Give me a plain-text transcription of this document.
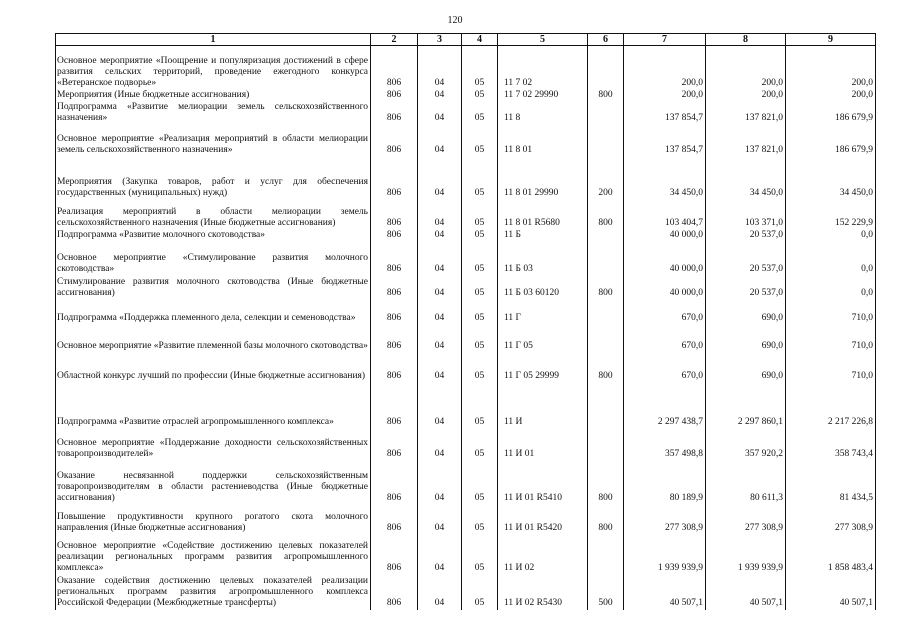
120
1	2	3	4	5	6	7	8	9
Основное мероприятие «Поощрение и популяризация достижений в сфере развития сельских территорий, проведение ежегодного конкурса «Ветеранское подворье»	806	04	05	11 7 02		200,0	200,0	200,0
Мероприятия (Иные бюджетные ассигнования)	806	04	05	11 7 02 29990	800	200,0	200,0	200,0
Подпрограмма «Развитие мелиорации земель сельскохозяйственного назначения»	806	04	05	11 8		137 854,7	137 821,0	186 679,9
Основное мероприятие «Реализация мероприятий в области мелиорации земель сельскохозяйственного назначения»	806	04	05	11 8 01		137 854,7	137 821,0	186 679,9
Мероприятия (Закупка товаров, работ и услуг для обеспечения государственных (муниципальных) нужд)	806	04	05	11 8 01 29990	200	34 450,0	34 450,0	34 450,0
Реализация мероприятий в области мелиорации земель сельскохозяйственного назначения (Иные бюджетные ассигнования)	806	04	05	11 8 01 R5680	800	103 404,7	103 371,0	152 229,9
Подпрограмма «Развитие молочного скотоводства»	806	04	05	11 Б		40 000,0	20 537,0	0,0
Основное мероприятие «Стимулирование развития молочного скотоводства»	806	04	05	11 Б 03		40 000,0	20 537,0	0,0
Стимулирование развития молочного скотоводства (Иные бюджетные ассигнования)	806	04	05	11 Б 03 60120	800	40 000,0	20 537,0	0,0
Подпрограмма «Поддержка племенного дела, селекции и семеноводства»	806	04	05	11 Г		670,0	690,0	710,0
Основное мероприятие «Развитие племенной базы молочного скотоводства»	806	04	05	11 Г 05		670,0	690,0	710,0
Областной конкурс лучший по профессии (Иные бюджетные ассигнования)	806	04	05	11 Г 05 29999	800	670,0	690,0	710,0
Подпрограмма «Развитие отраслей агропромышленного комплекса»	806	04	05	11 И		2 297 438,7	2 297 860,1	2 217 226,8
Основное мероприятие «Поддержание доходности сельскохозяйственных товаропроизводителей»	806	04	05	11 И 01		357 498,8	357 920,2	358 743,4
Оказание несвязанной поддержки сельскохозяйственным товаропроизводителям в области растениеводства (Иные бюджетные ассигнования)	806	04	05	11 И 01 R5410	800	80 189,9	80 611,3	81 434,5
Повышение продуктивности крупного рогатого скота молочного направления (Иные бюджетные ассигнования)	806	04	05	11 И 01 R5420	800	277 308,9	277 308,9	277 308,9
Основное мероприятие «Содействие достижению целевых показателей реализации региональных программ развития агропромышленного комплекса»	806	04	05	11 И 02		1 939 939,9	1 939 939,9	1 858 483,4
Оказание содействия достижению целевых показателей реализации региональных программ развития агропромышленного комплекса Российской Федерации (Межбюджетные трансферты)	806	04	05	11 И 02 R5430	500	40 507,1	40 507,1	40 507,1
